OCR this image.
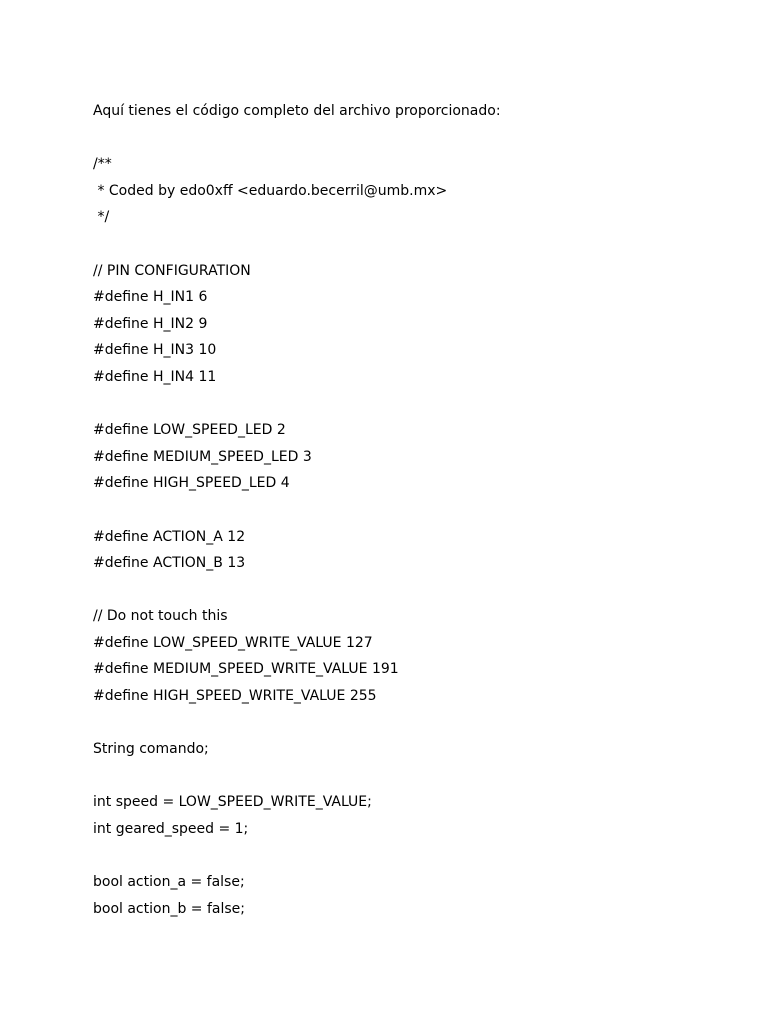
Aquí tienes el código completo del archivo proporcionado:
/**
* Coded by edo0xff <eduardo.becerril@umb.mx>
*/
// PIN CONFIGURATION
#define H_IN1 6
#define H_IN2 9
#define H_IN3 10
#define H_IN4 11
#define LOW_SPEED_LED 2
#define MEDIUM_SPEED_LED 3
#define HIGH_SPEED_LED 4
#define ACTION_A 12
#define ACTION_B 13
// Do not touch this
#define LOW_SPEED_WRITE_VALUE 127
#define MEDIUM_SPEED_WRITE_VALUE 191
#define HIGH_SPEED_WRITE_VALUE 255
String comando;
int speed = LOW_SPEED_WRITE_VALUE;
int geared_speed = 1;
bool action_a = false;
bool action_b = false;
